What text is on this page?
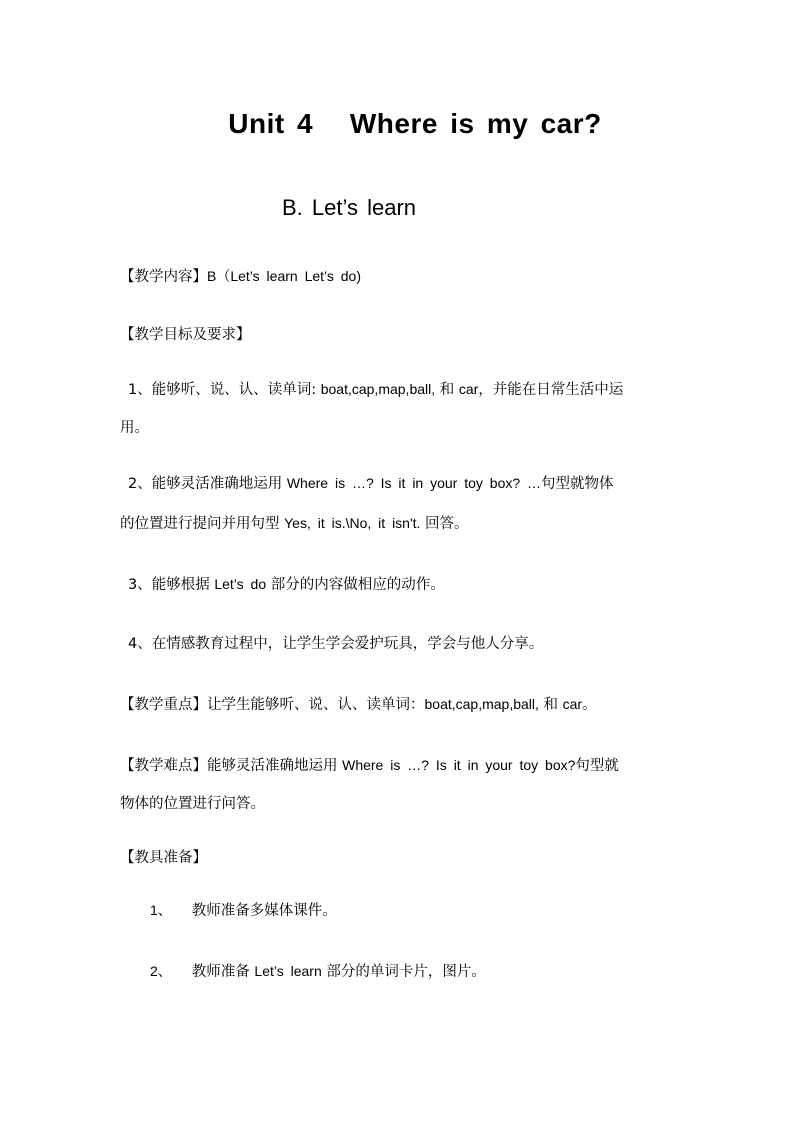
Unit 4   Where is my car?
B. Let’s learn
【教学内容】B（Let’s learn Let’s do)
【教学目标及要求】
1、能够听、说、认、读单词: boat,cap,map,ball, 和 car，并能在日常生活中运
用。
2、能够灵活准确地运用 Where is …? Is it in your toy box? …句型就物体
的位置进行提问并用句型 Yes, it is.\No, it isn't. 回答。
3、能够根据 Let’s do 部分的内容做相应的动作。
4、在情感教育过程中，让学生学会爱护玩具，学会与他人分享。
【教学重点】让学生能够听、说、认、读单词：boat,cap,map,ball, 和 car。
【教学难点】能够灵活准确地运用 Where is …? Is it in your toy box?句型就
物体的位置进行问答。
【教具准备】
1、 教师准备多媒体课件。
2、 教师准备 Let’s learn 部分的单词卡片，图片。
